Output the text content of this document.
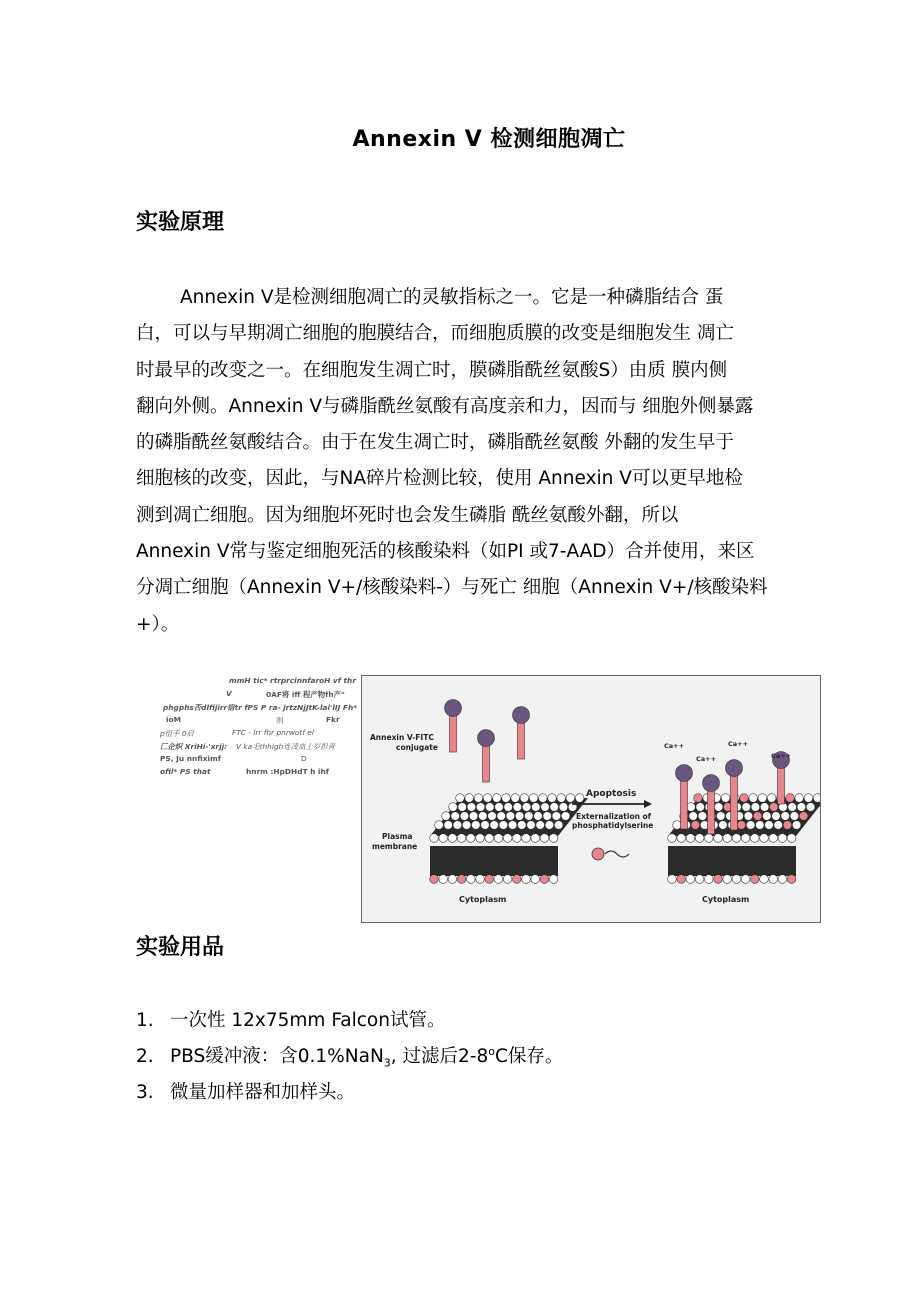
Annexin V 检测细胞凋亡
实验原理
Annexin V是检测细胞凋亡的灵敏指标之一。它是一种磷脂结合 蛋
白，可以与早期凋亡细胞的胞膜结合，而细胞质膜的改变是细胞发生 凋亡
时最早的改变之一。在细胞发生凋亡时，膜磷脂酰丝氨酸S）由质 膜内侧
翻向外侧。Annexin V与磷脂酰丝氨酸有高度亲和力，因而与 细胞外侧暴露
的磷脂酰丝氨酸结合。由于在发生凋亡时，磷脂酰丝氨酸 外翻的发生早于
细胞核的改变，因此，与NA碎片检测比较，使用 Annexin V可以更早地检
测到凋亡细胞。因为细胞坏死时也会发生磷脂 酰丝氨酸外翻，所以
Annexin V常与鉴定细胞死活的核酸染料（如PI 或7-AAD）合并使用，来区
分凋亡细胞（Annexin V+/核酸染料-）与死亡 细胞（Annexin V+/核酸染料
+）。
mmH tic* rtrprcinnfaroH vf thr
V	0AF将 iff 程产物fh产"
phgphs否dlfijirr宿tr fPS P ra- jrtzNjJtK-lai'lIJ Fh*
ioM	则	Fkr
p徂手 0启	FTC - lrr fhr pnrwotf el
匚企炽 XriHi-'xrjj: V ka毛thhigh连凌血上岁担靑
PS, Ju nnfiximf	D
ofil* PS that	hnrm :HpDHdT h ihf
Annexin V-FITC
conjugate
Plasma
membrane
Cytoplasm	Cytoplasm
Apoptosis
Externalization of
phosphatidylserine
Ca++
Ca++
Ca++
Ca++
实验用品
1. 一次性 12x75mm Falcon试管。
2. PBS缓冲液：含0.1%NaN$_3$, 过滤后2-8$^o$C保存。
3. 微量加样器和加样头。
